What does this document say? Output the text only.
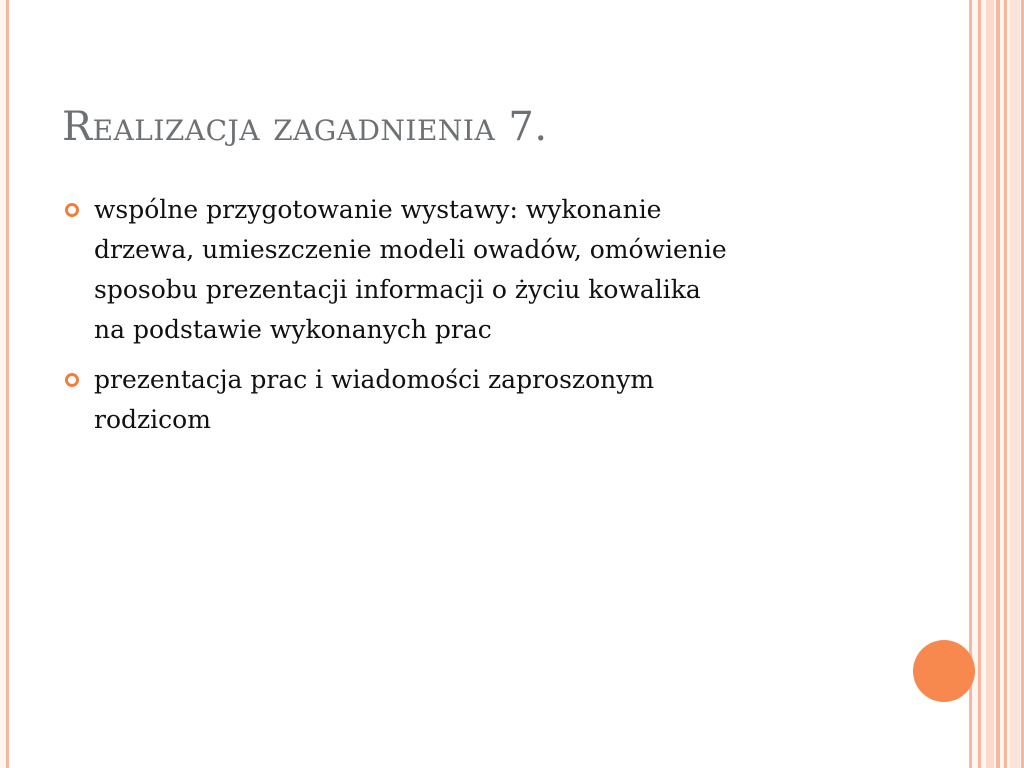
Realizacja zagadnienia 7.
wspólne przygotowanie wystawy: wykonanie
drzewa, umieszczenie modeli owadów, omówienie
sposobu prezentacji informacji o życiu kowalika
na podstawie wykonanych prac
prezentacja prac i wiadomości zaproszonym
rodzicom
